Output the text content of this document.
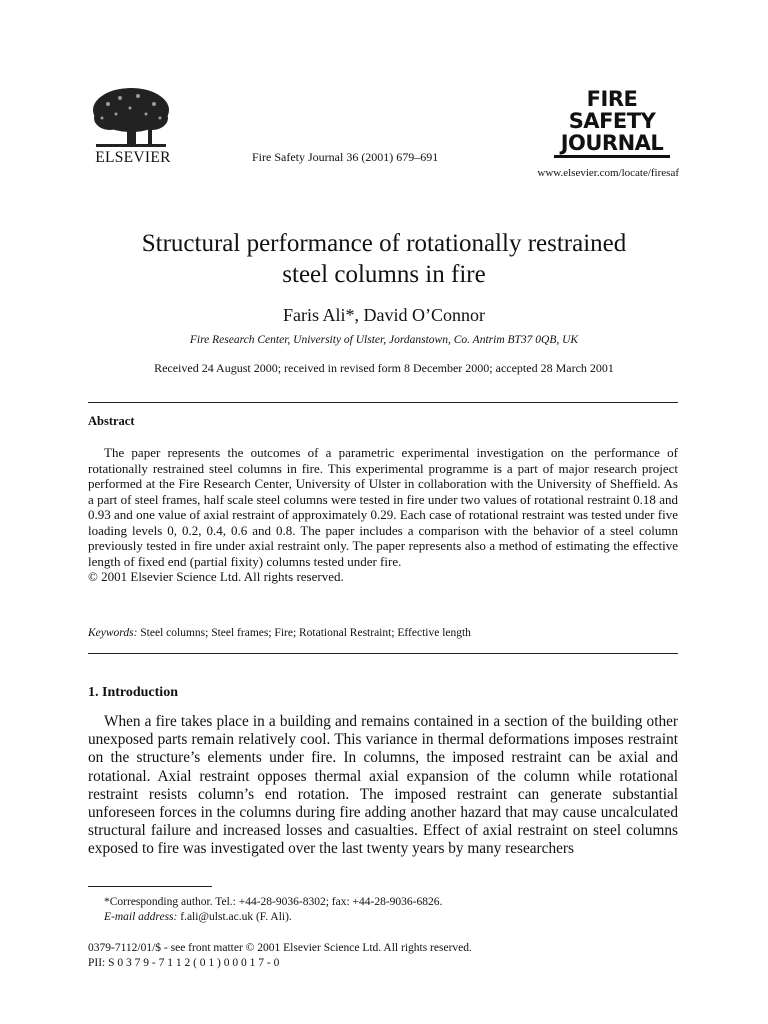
ELSEVIER	Fire Safety Journal 36 (2001) 679–691
FIRE
SAFETY
JOURNAL
www.elsevier.com/locate/firesaf
Structural performance of rotationally restrained
steel columns in fire
Faris Ali*, David O’Connor
Fire Research Center, University of Ulster, Jordanstown, Co. Antrim BT37 0QB, UK
Received 24 August 2000; received in revised form 8 December 2000; accepted 28 March 2001
Abstract
The paper represents the outcomes of a parametric experimental investigation on the performance of rotationally restrained steel columns in fire. This experimental programme is a part of major research project performed at the Fire Research Center, University of Ulster in collaboration with the University of Sheffield. As a part of steel frames, half scale steel columns were tested in fire under two values of rotational restraint 0.18 and 0.93 and one value of axial restraint of approximately 0.29. Each case of rotational restraint was tested under five loading levels 0, 0.2, 0.4, 0.6 and 0.8. The paper includes a comparison with the behavior of a steel column previously tested in fire under axial restraint only. The paper represents also a method of estimating the effective length of fixed end (partial fixity) columns tested under fire.
© 2001 Elsevier Science Ltd. All rights reserved.
Keywords: Steel columns; Steel frames; Fire; Rotational Restraint; Effective length
1. Introduction
When a fire takes place in a building and remains contained in a section of the building other unexposed parts remain relatively cool. This variance in thermal deformations imposes restraint on the structure’s elements under fire. In columns, the imposed restraint can be axial and rotational. Axial restraint opposes thermal axial expansion of the column while rotational restraint resists column’s end rotation. The imposed restraint can generate substantial unforeseen forces in the columns during fire adding another hazard that may cause uncalculated structural failure and increased losses and casualties. Effect of axial restraint on steel columns exposed to fire was investigated over the last twenty years by many researchers
*Corresponding author. Tel.: +44-28-9036-8302; fax: +44-28-9036-6826.
E-mail address: f.ali@ulst.ac.uk (F. Ali).
0379-7112/01/$ - see front matter © 2001 Elsevier Science Ltd. All rights reserved.
PII: S 0 3 7 9 - 7 1 1 2 ( 0 1 ) 0 0 0 1 7 - 0
